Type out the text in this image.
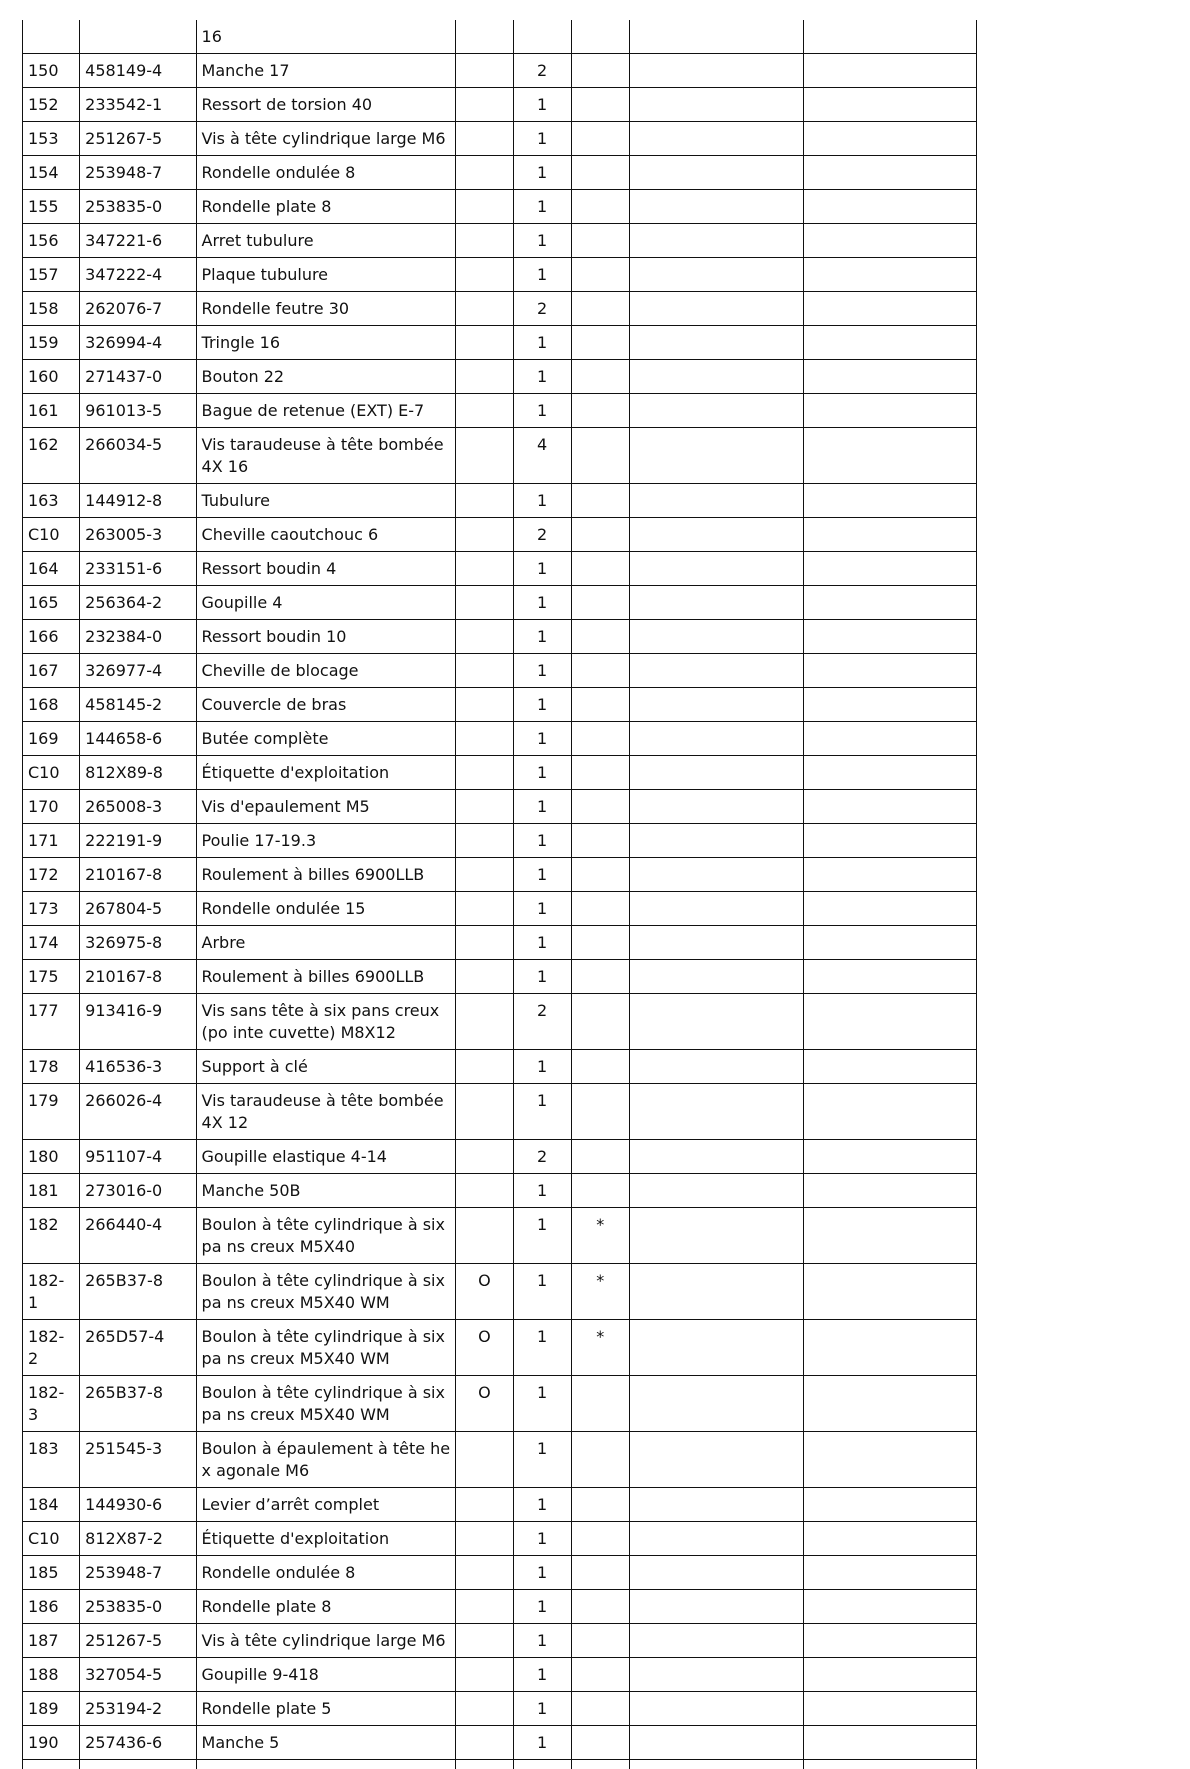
		16					
150	458149-4	Manche 17		2			
152	233542-1	Ressort de torsion 40		1			
153	251267-5	Vis à tête cylindrique large M6		1			
154	253948-7	Rondelle ondulée 8		1			
155	253835-0	Rondelle plate 8		1			
156	347221-6	Arret tubulure		1			
157	347222-4	Plaque tubulure		1			
158	262076-7	Rondelle feutre 30		2			
159	326994-4	Tringle 16		1			
160	271437-0	Bouton 22		1			
161	961013-5	Bague de retenue (EXT) E-7		1			
162	266034-5	Vis taraudeuse à tête bombée 4X 16		4			
163	144912-8	Tubulure		1			
C10	263005-3	Cheville caoutchouc 6		2			
164	233151-6	Ressort boudin 4		1			
165	256364-2	Goupille 4		1			
166	232384-0	Ressort boudin 10		1			
167	326977-4	Cheville de blocage		1			
168	458145-2	Couvercle de bras		1			
169	144658-6	Butée complète		1			
C10	812X89-8	Étiquette d'exploitation		1			
170	265008-3	Vis d'epaulement M5		1			
171	222191-9	Poulie 17-19.3		1			
172	210167-8	Roulement à billes 6900LLB		1			
173	267804-5	Rondelle ondulée 15		1			
174	326975-8	Arbre		1			
175	210167-8	Roulement à billes 6900LLB		1			
177	913416-9	Vis sans tête à six pans creux (po inte cuvette) M8X12		2			
178	416536-3	Support à clé		1			
179	266026-4	Vis taraudeuse à tête bombée 4X 12		1			
180	951107-4	Goupille elastique 4-14		2			
181	273016-0	Manche 50B		1			
182	266440-4	Boulon à tête cylindrique à six pa ns creux M5X40		1	*		
182-1	265B37-8	Boulon à tête cylindrique à six pa ns creux M5X40 WM	O	1	*		
182-2	265D57-4	Boulon à tête cylindrique à six pa ns creux M5X40 WM	O	1	*		
182-3	265B37-8	Boulon à tête cylindrique à six pa ns creux M5X40 WM	O	1			
183	251545-3	Boulon à épaulement à tête hex agonale M6		1			
184	144930-6	Levier d’arrêt complet		1			
C10	812X87-2	Étiquette d'exploitation		1			
185	253948-7	Rondelle ondulée 8		1			
186	253835-0	Rondelle plate 8		1			
187	251267-5	Vis à tête cylindrique large M6		1			
188	327054-5	Goupille 9-418		1			
189	253194-2	Rondelle plate 5		1			
190	257436-6	Manche 5		1			
